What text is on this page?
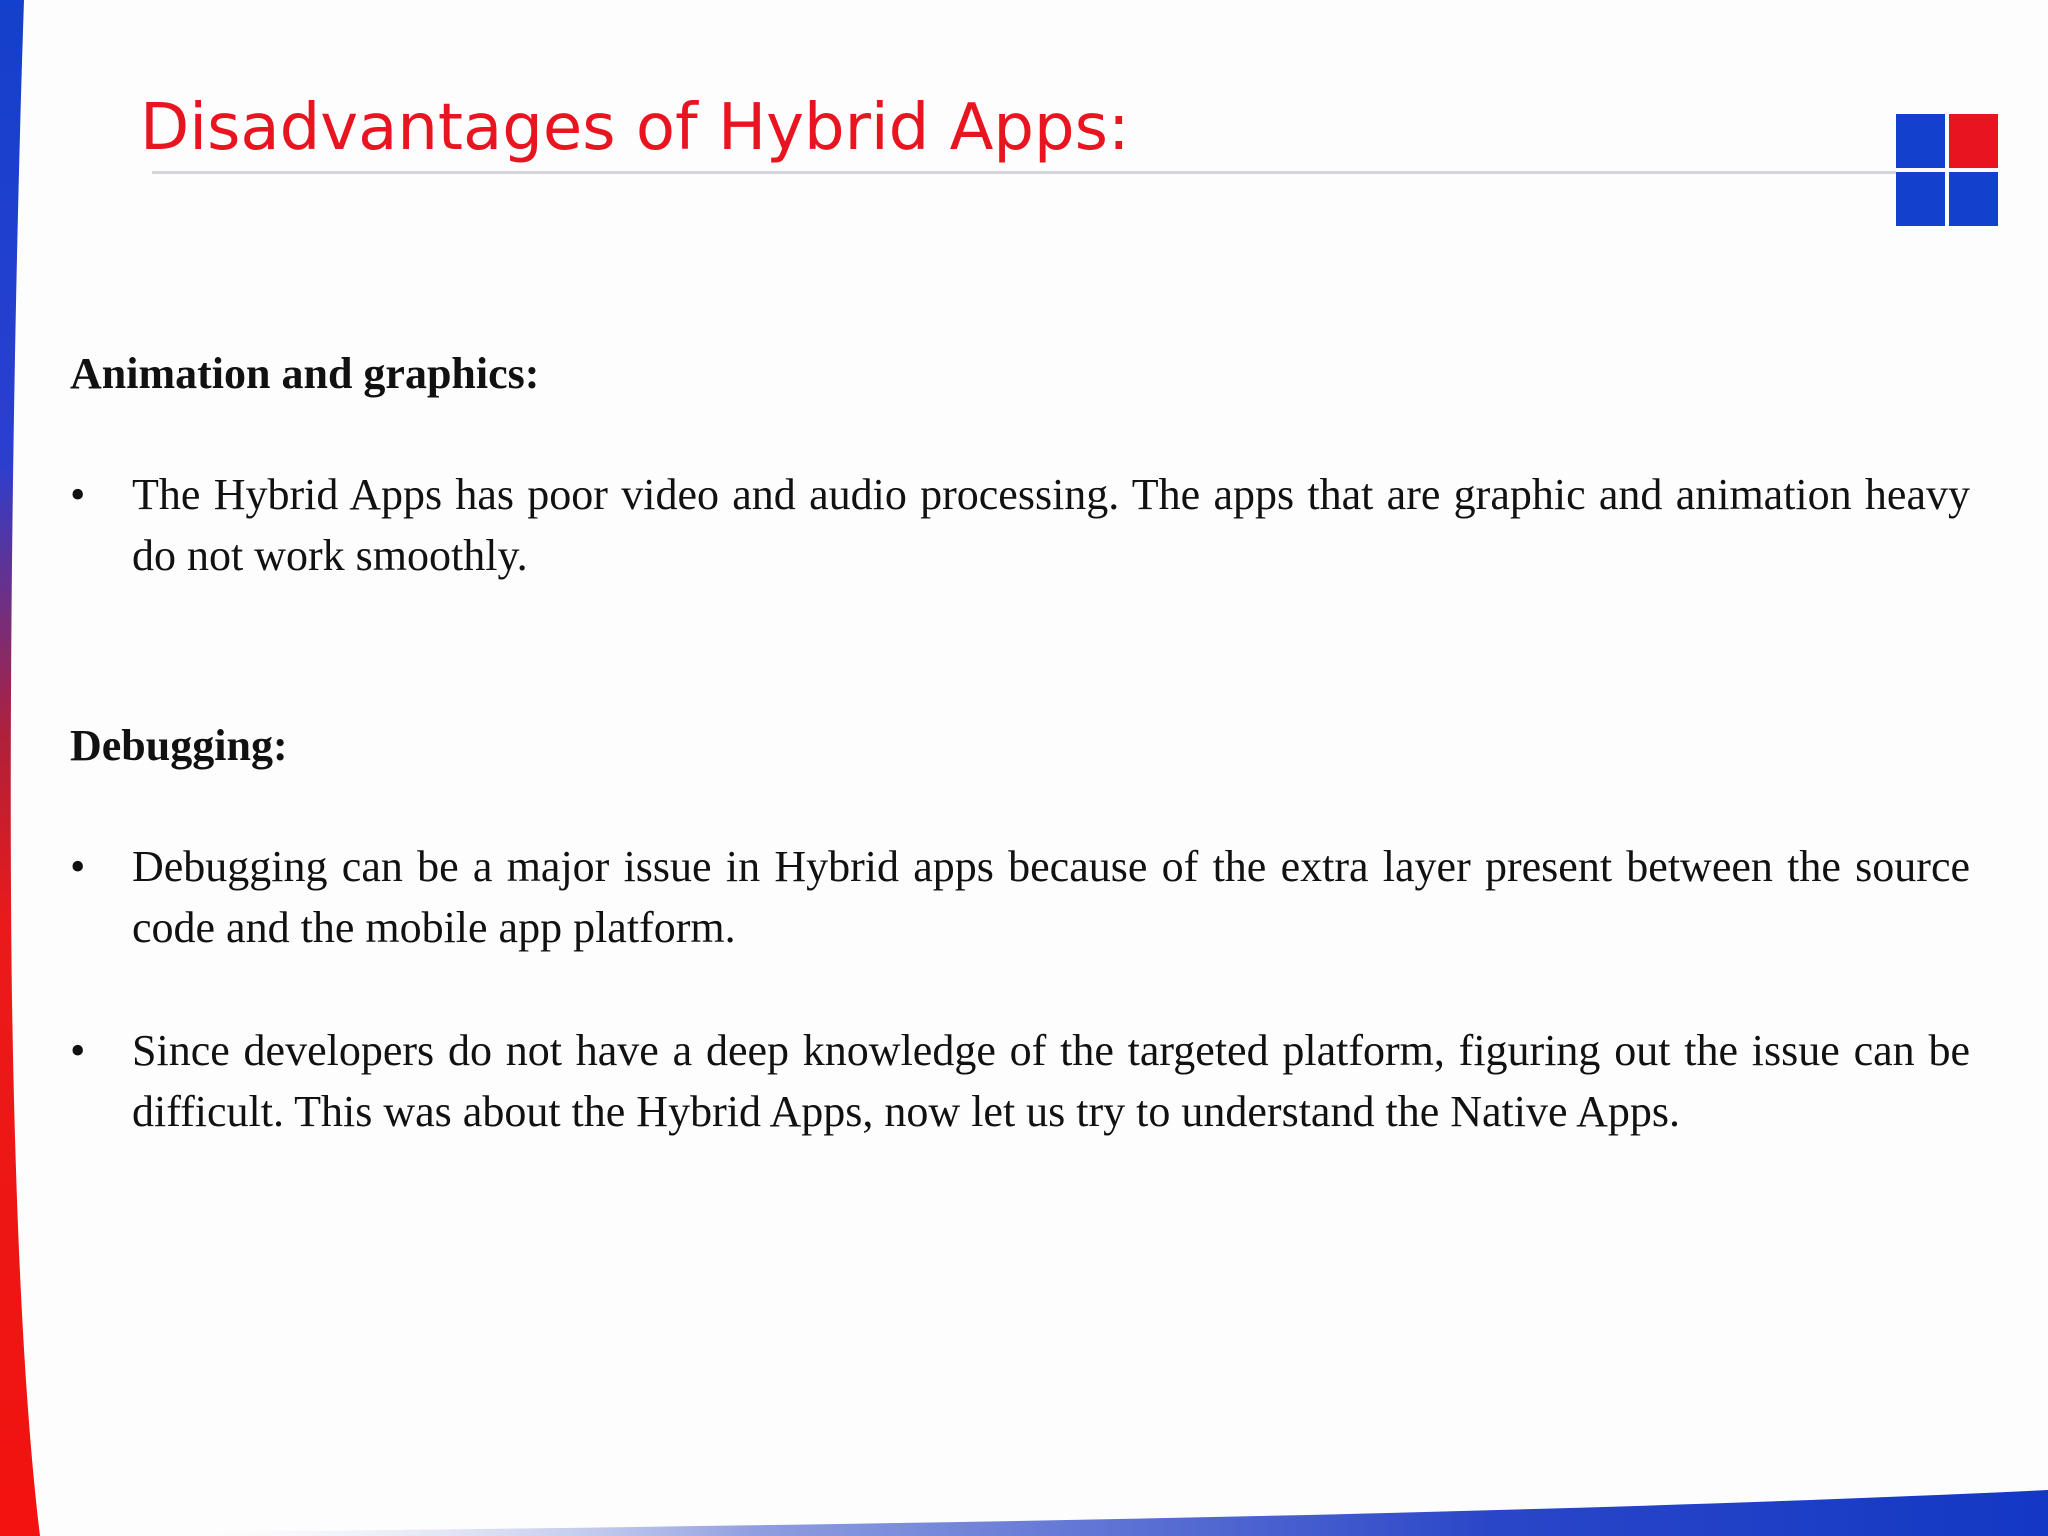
Disadvantages of Hybrid Apps:

Animation and graphics:

•	The Hybrid Apps has poor video and audio processing. The apps that are graphic and animation heavy do not work smoothly.

Debugging:

•	Debugging can be a major issue in Hybrid apps because of the extra layer present between the source code and the mobile app platform.
•	Since developers do not have a deep knowledge of the targeted platform, figuring out the issue can be difficult. This was about the Hybrid Apps, now let us try to understand the Native Apps.
